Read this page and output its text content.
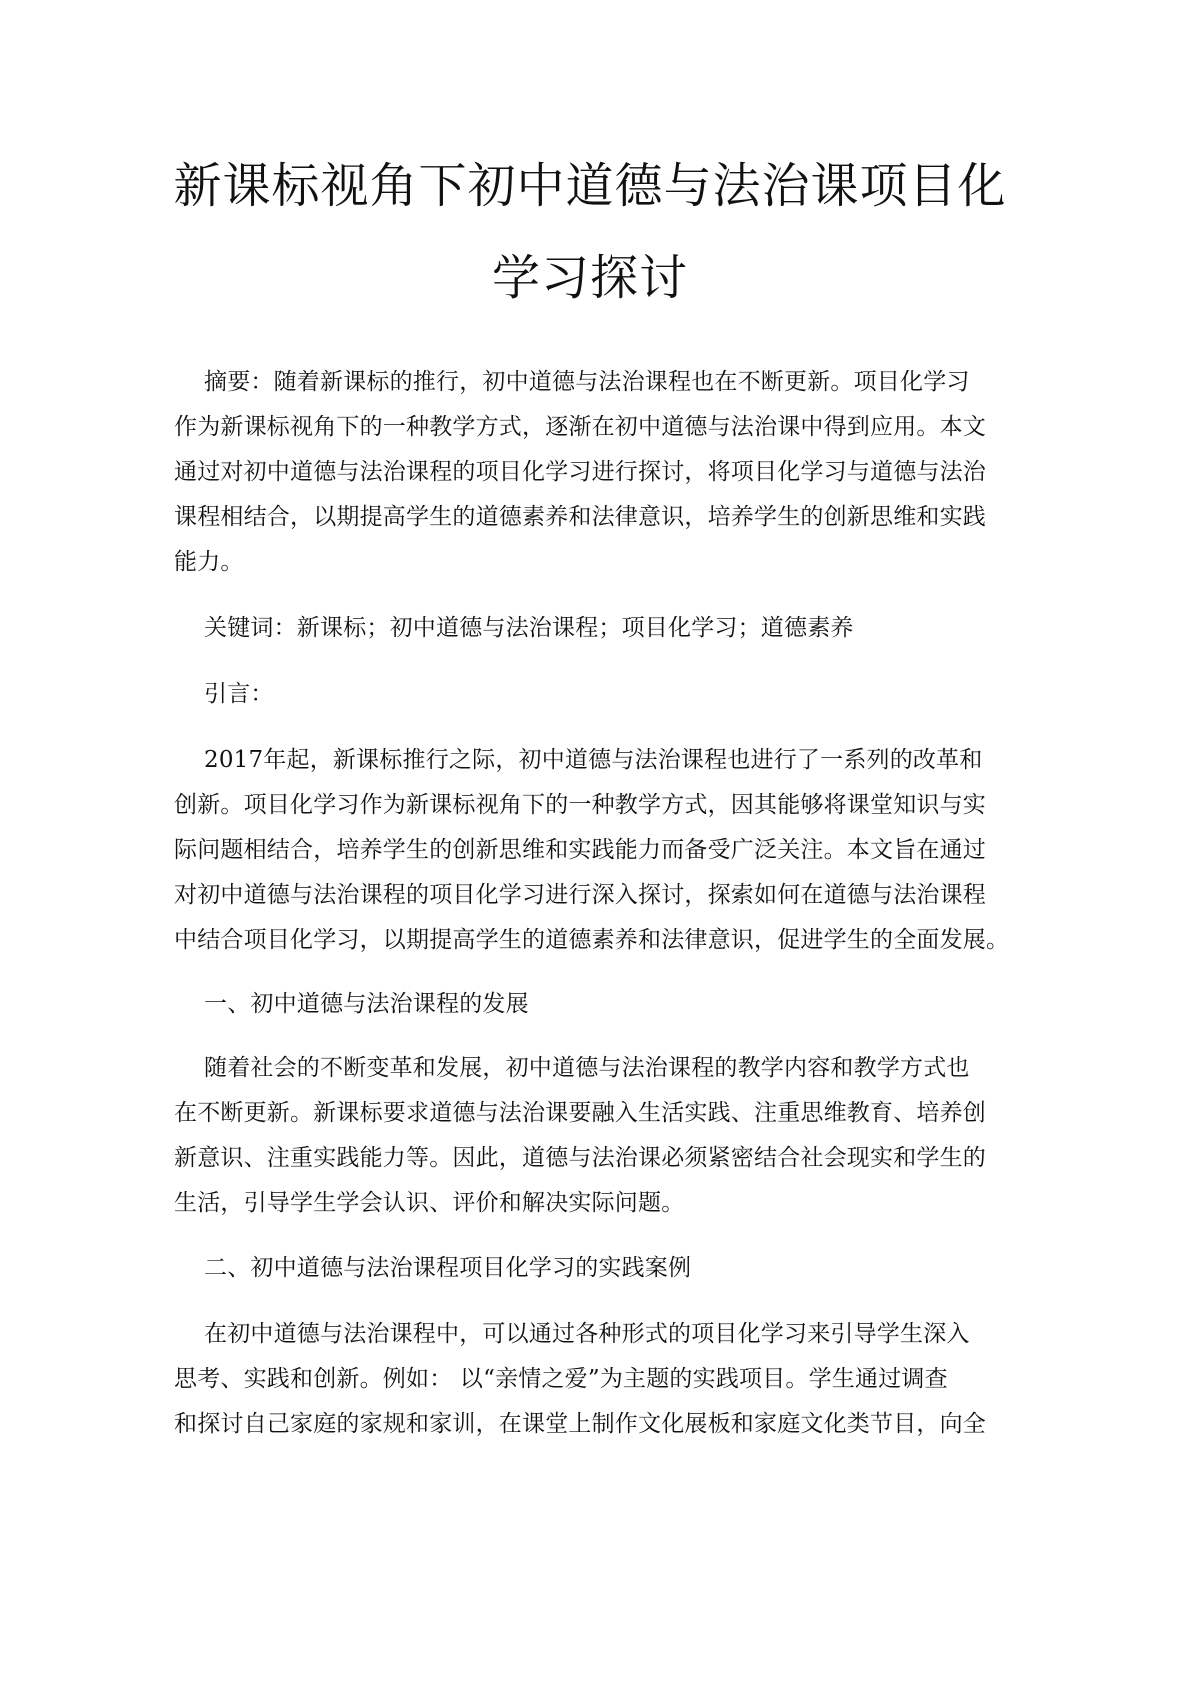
新课标视角下初中道德与法治课项目化
学习探讨

摘要：随着新课标的推行，初中道德与法治课程也在不断更新。项目化学习

作为新课标视角下的一种教学方式，逐渐在初中道德与法治课中得到应用。本文

通过对初中道德与法治课程的项目化学习进行探讨，将项目化学习与道德与法治

课程相结合，以期提高学生的道德素养和法律意识，培养学生的创新思维和实践

能力。

关键词：新课标；初中道德与法治课程；项目化学习；道德素养

引言：

2017年起，新课标推行之际，初中道德与法治课程也进行了一系列的改革和

创新。项目化学习作为新课标视角下的一种教学方式，因其能够将课堂知识与实

际问题相结合，培养学生的创新思维和实践能力而备受广泛关注。本文旨在通过

对初中道德与法治课程的项目化学习进行深入探讨，探索如何在道德与法治课程

中结合项目化学习，以期提高学生的道德素养和法律意识，促进学生的全面发展。

一、初中道德与法治课程的发展

随着社会的不断变革和发展，初中道德与法治课程的教学内容和教学方式也

在不断更新。新课标要求道德与法治课要融入生活实践、注重思维教育、培养创

新意识、注重实践能力等。因此，道德与法治课必须紧密结合社会现实和学生的

生活，引导学生学会认识、评价和解决实际问题。

二、初中道德与法治课程项目化学习的实践案例

在初中道德与法治课程中，可以通过各种形式的项目化学习来引导学生深入

思考、实践和创新。例如： 以“亲情之爱”为主题的实践项目。学生通过调查

和探讨自己家庭的家规和家训，在课堂上制作文化展板和家庭文化类节目，向全
